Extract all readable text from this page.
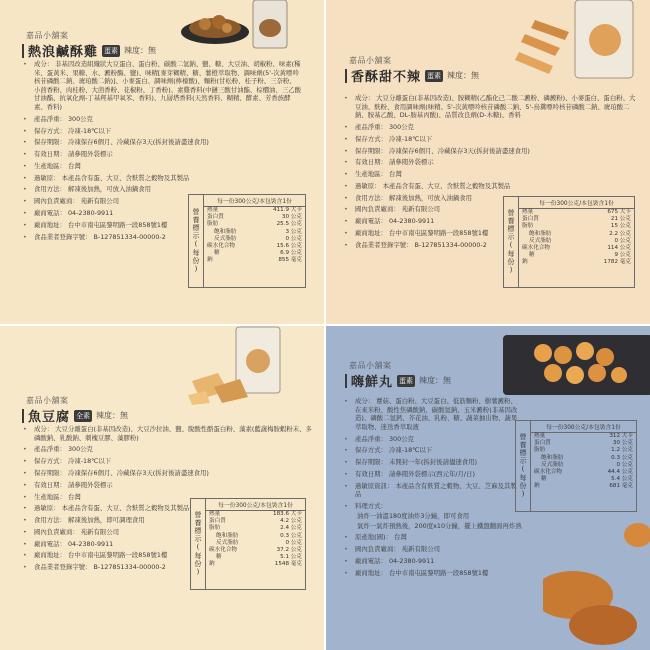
嘉品小舖案
熱浪鹹酥雞 蛋素 辣度：無
• 成分： 非基因改造組織狀大豆蛋白、蛋白粉、碳酸二氫鈉、鹽、糖、大豆油、胡椒粉、味素(稀米、蛋黃米、果糖、水、澱粉酶、鹽)、味精[麥芽糊精、糖、薯橙萃取物、調味劑(5'-次黃嘌呤核苷磷酸二鈉、琥珀酸二鈉)]、小麥蛋白、調味劑(檸檬酸)、麵粉(甘松粉、桂子粉、三奈粉、小茴香粉、肉桂粉、大茴香粉、花椒粉、丁香粉)、素雞香料(中鏈三酸甘油酯、棕櫚油、三乙酸甘油酯、抗氧化劑-丁基羥基甲氧苯、香料)、九層塔香料(天然香料、糊精、酵素、芳香族酵素、香料)
• 產品淨重： 300公克
• 保存方式： 冷凍-18℃以下
• 保存期限： 冷凍保存6個月、冷藏保存3天(拆封後請盡速食用)
• 有效日期： 請參閱外袋標示
• 生產地區： 台灣
• 過敏原： 本產品含有蛋、大豆、含麩質之穀物及其製品
• 食用方法： 解凍後加熱，可放入油鍋食用
• 國內負責廠商： 苑新有限公司
• 廠商電話： 04-2380-9911
• 廠商地址： 台中市南屯區黎明路一段858號1樓
• 食品業者登錄字號： B-127851334-00000-2	營養標示(每份)
每一份300公克/本包裝含1份
熱量	411.9 大卡
蛋白質	30 公克
脂肪	25.5 公克
飽和脂肪	3 公克
反式脂肪	0 公克
碳水化合物	15.6 公克
糖	6.9 公克
鈉	855 毫克
嘉品小舖案
香酥甜不辣 蛋素 辣度：無
• 成分： 大豆分離蛋白(非基因改造)、胺糊精(乙酯化己二酸二澱粉、磷澱粉)、小麥蛋白、蛋白粉、大豆油、麩粉、食用調味劑(味精、5'-次黃嘌呤核苷磷酸二鈉、5'-鳥糞嘌呤核苷磷酸二鈉、琥珀酸二鈉、胺基乙酸、DL-胺基丙酸)、品質改良劑(D-木糖)、香料
• 產品淨重： 300公克
• 保存方式： 冷凍-18℃以下
• 保存期限： 冷凍保存6個月、冷藏保存3天(拆封後請盡速食用)
• 有效日期： 請參閱外袋標示
• 生產地區： 台灣
• 過敏原： 本產品含有蛋、大豆、含麩質之穀物及其製品
• 食用方法： 解凍後加熱，可放入油鍋食用
• 國內負責廠商： 苑新有限公司
• 廠商電話： 04-2380-9911
• 廠商地址： 台中市南屯區黎明路一段858號1樓
• 食品業者登錄字號： B-127851334-00000-2	營養標示(每份)
每一份300公克/本包裝含1份
熱量	675 大卡
蛋白質	21 公克
脂肪	15 公克
飽和脂肪	2.2 公克
反式脂肪	0 公克
碳水化合物	114 公克
糖	9 公克
鈉	1782 毫克
嘉品小舖案
魚豆腐 全素 辣度：無
• 成分： 大豆分離蛋白(非基因改造)、大豆沙拉油、鹽、脫酸性酪蛋白粉、藻素(藍蔬梅胺蝦粉末、多磷酸鈉、乳酸鈉、刺槐豆膠、藻膠粉)
• 產品淨重： 300公克
• 保存方式： 冷凍-18℃以下
• 保存期限： 冷凍保存6個月、冷藏保存3天(拆封後請盡速食用)
• 有效日期： 請參閱外袋標示
• 生產地區： 台灣
• 過敏原： 本產品含有蛋、大豆、含麩質之穀物及其製品
• 食用方法： 解凍後加熱，即可調理食用
• 國內負責廠商： 苑新有限公司
• 廠商電話： 04-2380-9911
• 廠商地址： 台中市南屯區黎明路一段858號1樓
• 食品業者登錄字號： B-127851334-00000-2	營養標示(每份)
每一份300公克/本包裝含1份
熱量	183.6 大卡
蛋白質	4.2 公克
脂肪	2.4 公克
飽和脂肪	0.3 公克
反式脂肪	0 公克
碳水化合物	37.2 公克
糖	5.1 公克
鈉	1548 毫克
嘉品小舖案
嗨鮮丸 蛋素 辣度：無
• 成分： 蕈菇、蛋白粉、大豆蛋白、低筋麵粉、樹薯澱粉、在來米粉、酸性焦磷酸鈉、碳酸氫鈉、玉米澱粉(非基因改造)、磷酸二氫鈣、芥花油、乳粉、糖、蔬菜抽出物、蔬果萃取物、迷迭香萃取液
• 產品淨重： 300公克
• 保存方式： 冷凍-18℃以下
• 保存期限： 未開封一年(拆封後請儘速食用)
• 有效日期： 請參閱外袋標示(西元年/月/日)
• 過敏原資訊： 本產品含有麩質之穀物、大豆、芝麻及其製品
• 料理方式：
油炸一油溫180度油炸3分鐘，即可食用
氣炸一氣炸預熱後，200度x10分鐘，擺上鐵盤翻面再炸熟
• 原產地(國)： 台灣
• 國內負責廠商： 苑新有限公司
• 廠商電話： 04-2380-9911
• 廠商地址： 台中市南屯區黎明路一段858號1樓
營養標示(每份)
每一份300公克/本包裝含1份
熱量	312 大卡
蛋白質	30 公克
脂肪	1.2 公克
飽和脂肪	0.3 公克
反式脂肪	0 公克
碳水化合物	44.4 公克
糖	5.4 公克
鈉	681 毫克
